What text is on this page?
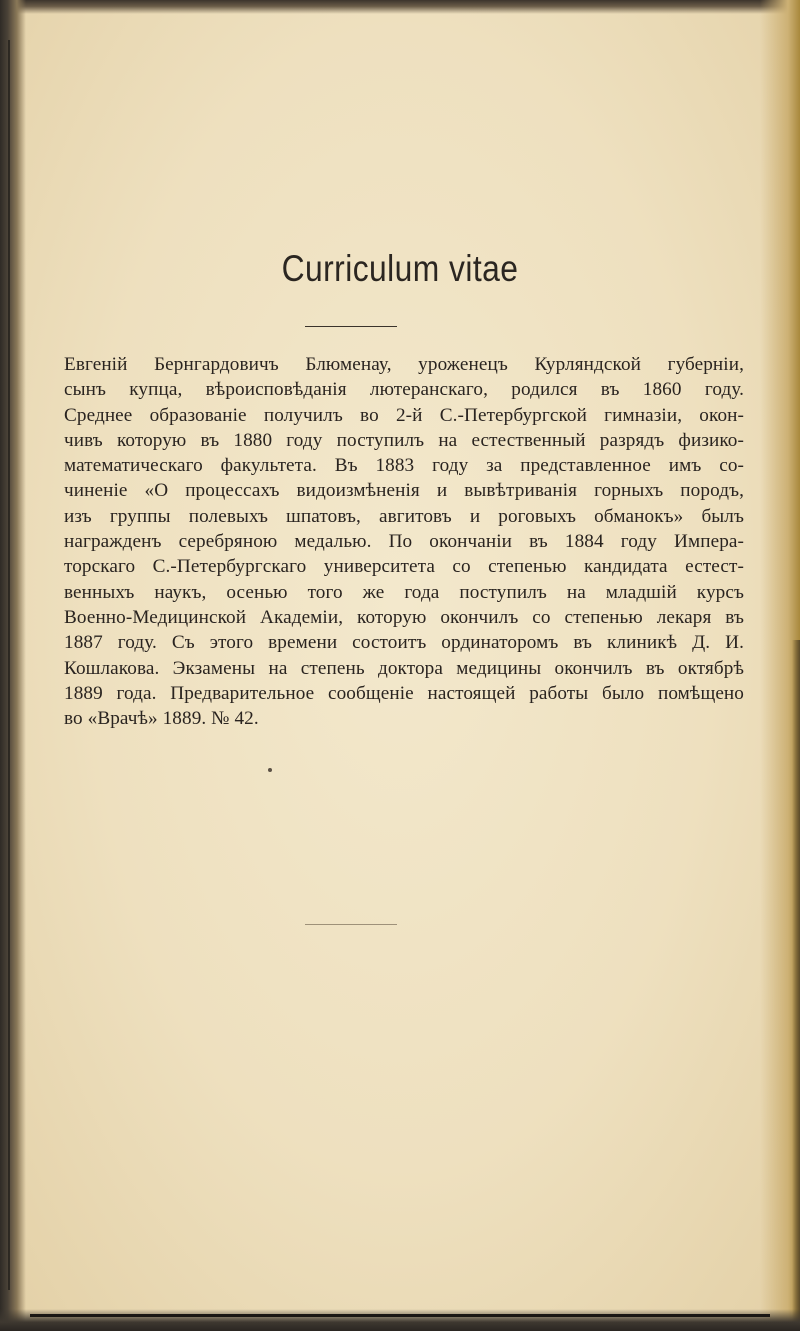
Curriculum vitae
Евгеній Бернгардовичъ Блюменау, уроженецъ Курляндской губерніи,
сынъ купца, вѣроисповѣданія лютеранскаго, родился въ 1860 году.
Среднее образованіе получилъ во 2-й С.-Петербургской гимназіи, окон-
чивъ которую въ 1880 году поступилъ на естественный разрядъ физико-
математическаго факультета. Въ 1883 году за представленное имъ со-
чиненіе «О процессахъ видоизмѣненія и вывѣтриванія горныхъ породъ,
изъ группы полевыхъ шпатовъ, авгитовъ и роговыхъ обманокъ» былъ
награжденъ серебряною медалью. По окончаніи въ 1884 году Импера-
торскаго С.-Петербургскаго университета со степенью кандидата естест-
венныхъ наукъ, осенью того же года поступилъ на младшій курсъ
Военно-Медицинской Академіи, которую окончилъ со степенью лекаря въ
1887 году. Съ этого времени состоитъ ординаторомъ въ клиникѣ Д. И.
Кошлакова. Экзамены на степень доктора медицины окончилъ въ октябрѣ
1889 года. Предварительное сообщеніе настоящей работы было помѣщено
во «Врачѣ» 1889. № 42.
